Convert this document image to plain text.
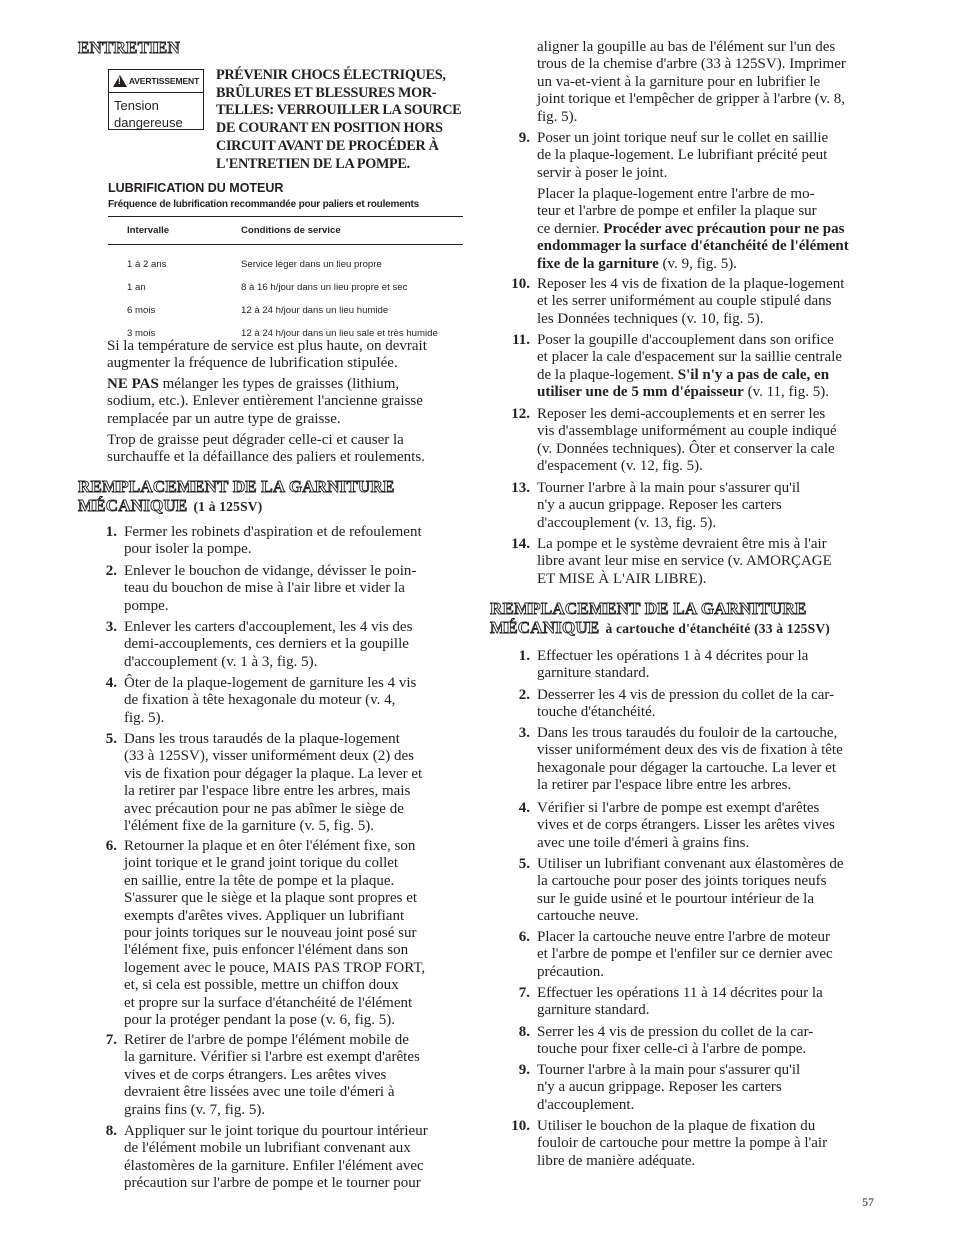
ENTRETIEN
! AVERTISSEMENT
Tension
dangereuse
PRÉVENIR CHOCS ÉLECTRIQUES,
BRÛLURES ET BLESSURES MOR-
TELLES: VERROUILLER LA SOURCE
DE COURANT EN POSITION HORS
CIRCUIT AVANT DE PROCÉDER À
L'ENTRETIEN DE LA POMPE.
LUBRIFICATION DU MOTEUR
Fréquence de lubrification recommandée pour paliers et roulements
Intervalle	Conditions de service

1 à 2 ans	Service léger dans un lieu propre
1 an	8 à 16 h/jour dans un lieu propre et sec
6 mois	12 à 24 h/jour dans un lieu humide
3 mois	12 à 24 h/jour dans un lieu sale et très humide
Si la température de service est plus haute, on devrait
augmenter la fréquence de lubrification stipulée.
NE PAS mélanger les types de graisses (lithium,
sodium, etc.). Enlever entièrement l'ancienne graisse
remplacée par un autre type de graisse.
Trop de graisse peut dégrader celle-ci et causer la
surchauffe et la défaillance des paliers et roulements.
REMPLACEMENT DE LA GARNITURE
MÉCANIQUE (1 à 125SV)
1. Fermer les robinets d'aspiration et de refoulement
pour isoler la pompe.
2. Enlever le bouchon de vidange, dévisser le poin-
teau du bouchon de mise à l'air libre et vider la
pompe.
3. Enlever les carters d'accouplement, les 4 vis des
demi-accouplements, ces derniers et la goupille
d'accouplement (v. 1 à 3, fig. 5).
4. Ôter de la plaque-logement de garniture les 4 vis
de fixation à tête hexagonale du moteur (v. 4,
fig. 5).
5. Dans les trous taraudés de la plaque-logement
(33 à 125SV), visser uniformément deux (2) des
vis de fixation pour dégager la plaque. La lever et
la retirer par l'espace libre entre les arbres, mais
avec précaution pour ne pas abîmer le siège de
l'élément fixe de la garniture (v. 5, fig. 5).
6. Retourner la plaque et en ôter l'élément fixe, son
joint torique et le grand joint torique du collet
en saillie, entre la tête de pompe et la plaque.
S'assurer que le siège et la plaque sont propres et
exempts d'arêtes vives. Appliquer un lubrifiant
pour joints toriques sur le nouveau joint posé sur
l'élément fixe, puis enfoncer l'élément dans son
logement avec le pouce, MAIS PAS TROP FORT,
et, si cela est possible, mettre un chiffon doux
et propre sur la surface d'étanchéité de l'élément
pour la protéger pendant la pose (v. 6, fig. 5).
7. Retirer de l'arbre de pompe l'élément mobile de
la garniture. Vérifier si l'arbre est exempt d'arêtes
vives et de corps étrangers. Les arêtes vives
devraient être lissées avec une toile d'émeri à
grains fins (v. 7, fig. 5).
8. Appliquer sur le joint torique du pourtour intérieur
de l'élément mobile un lubrifiant convenant aux
élastomères de la garniture. Enfiler l'élément avec
précaution sur l'arbre de pompe et le tourner pour
aligner la goupille au bas de l'élément sur l'un des
trous de la chemise d'arbre (33 à 125SV). Imprimer
un va-et-vient à la garniture pour en lubrifier le
joint torique et l'empêcher de gripper à l'arbre (v. 8,
fig. 5).
9. Poser un joint torique neuf sur le collet en saillie
de la plaque-logement. Le lubrifiant précité peut
servir à poser le joint.
Placer la plaque-logement entre l'arbre de mo-
teur et l'arbre de pompe et enfiler la plaque sur
ce dernier. Procéder avec précaution pour ne pas
endommager la surface d'étanchéité de l'élément
fixe de la garniture (v. 9, fig. 5).
10. Reposer les 4 vis de fixation de la plaque-logement
et les serrer uniformément au couple stipulé dans
les Données techniques (v. 10, fig. 5).
11. Poser la goupille d'accouplement dans son orifice
et placer la cale d'espacement sur la saillie centrale
de la plaque-logement. S'il n'y a pas de cale, en
utiliser une de 5 mm d'épaisseur (v. 11, fig. 5).
12. Reposer les demi-accouplements et en serrer les
vis d'assemblage uniformément au couple indiqué
(v. Données techniques). Ôter et conserver la cale
d'espacement (v. 12, fig. 5).
13. Tourner l'arbre à la main pour s'assurer qu'il
n'y a aucun grippage. Reposer les carters
d'accouplement (v. 13, fig. 5).
14. La pompe et le système devraient être mis à l'air
libre avant leur mise en service (v. AMORÇAGE
ET MISE À L'AIR LIBRE).
REMPLACEMENT DE LA GARNITURE
MÉCANIQUE à cartouche d'étanchéité (33 à 125SV)
1. Effectuer les opérations 1 à 4 décrites pour la
garniture standard.
2. Desserrer les 4 vis de pression du collet de la car-
touche d'étanchéité.
3. Dans les trous taraudés du fouloir de la cartouche,
visser uniformément deux des vis de fixation à tête
hexagonale pour dégager la cartouche. La lever et
la retirer par l'espace libre entre les arbres.
4. Vérifier si l'arbre de pompe est exempt d'arêtes
vives et de corps étrangers. Lisser les arêtes vives
avec une toile d'émeri à grains fins.
5. Utiliser un lubrifiant convenant aux élastomères de
la cartouche pour poser des joints toriques neufs
sur le guide usiné et le pourtour intérieur de la
cartouche neuve.
6. Placer la cartouche neuve entre l'arbre de moteur
et l'arbre de pompe et l'enfiler sur ce dernier avec
précaution.
7. Effectuer les opérations 11 à 14 décrites pour la
garniture standard.
8. Serrer les 4 vis de pression du collet de la car-
touche pour fixer celle-ci à l'arbre de pompe.
9. Tourner l'arbre à la main pour s'assurer qu'il
n'y a aucun grippage. Reposer les carters
d'accouplement.
10. Utiliser le bouchon de la plaque de fixation du
fouloir de cartouche pour mettre la pompe à l'air
libre de manière adéquate.
57
